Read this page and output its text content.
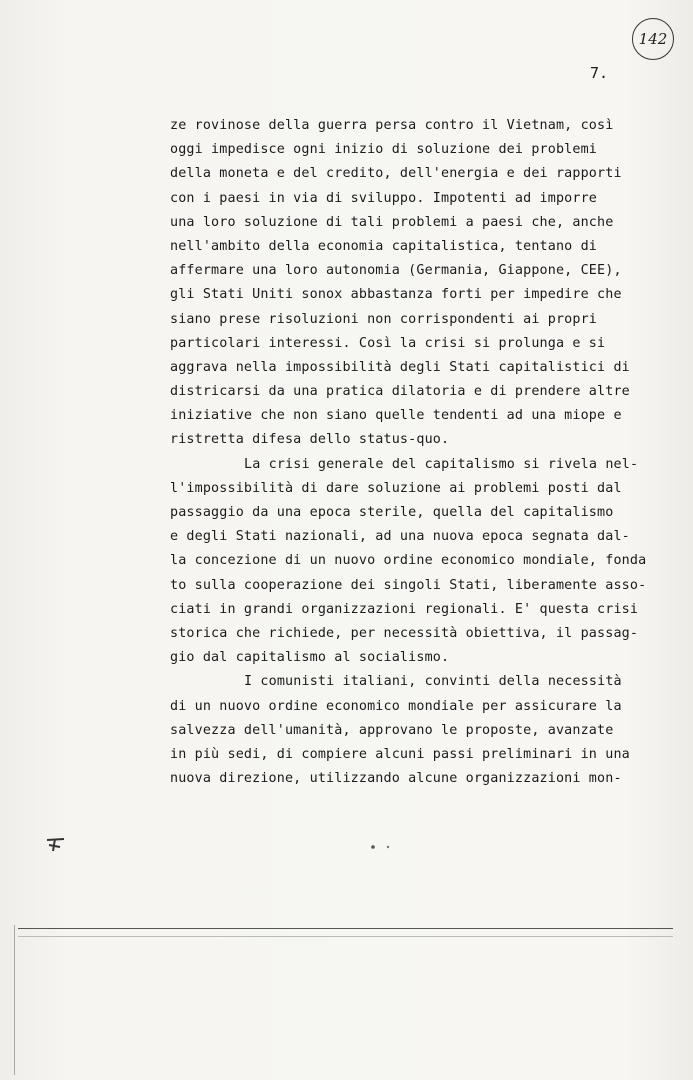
142
7.
ze rovinose della guerra persa contro il Vietnam, così
oggi impedisce ogni inizio di soluzione dei problemi
della moneta e del credito, dell'energia e dei rapporti
con i paesi in via di sviluppo. Impotenti ad imporre
una loro soluzione di tali problemi a paesi che, anche
nell'ambito della economia capitalistica, tentano di
affermare una loro autonomia (Germania, Giappone, CEE),
gli Stati Uniti sonox abbastanza forti per impedire che
siano prese risoluzioni non corrispondenti ai propri
particolari interessi. Così la crisi si prolunga e si
aggrava nella impossibilità degli Stati capitalistici di
districarsi da una pratica dilatoria e di prendere altre
iniziative che non siano quelle tendenti ad una miope e
ristretta difesa dello status-quo.
La crisi generale del capitalismo si rivela nel-
l'impossibilità di dare soluzione ai problemi posti dal
passaggio da una epoca sterile, quella del capitalismo
e degli Stati nazionali, ad una nuova epoca segnata dal-
la concezione di un nuovo ordine economico mondiale, fonda
to sulla cooperazione dei singoli Stati, liberamente asso-
ciati in grandi organizzazioni regionali. E' questa crisi
storica che richiede, per necessità obiettiva, il passag-
gio dal capitalismo al socialismo.
I comunisti italiani, convinti della necessità
di un nuovo ordine economico mondiale per assicurare la
salvezza dell'umanità, approvano le proposte, avanzate
in più sedi, di compiere alcuni passi preliminari in una
nuova direzione, utilizzando alcune organizzazioni mon-
